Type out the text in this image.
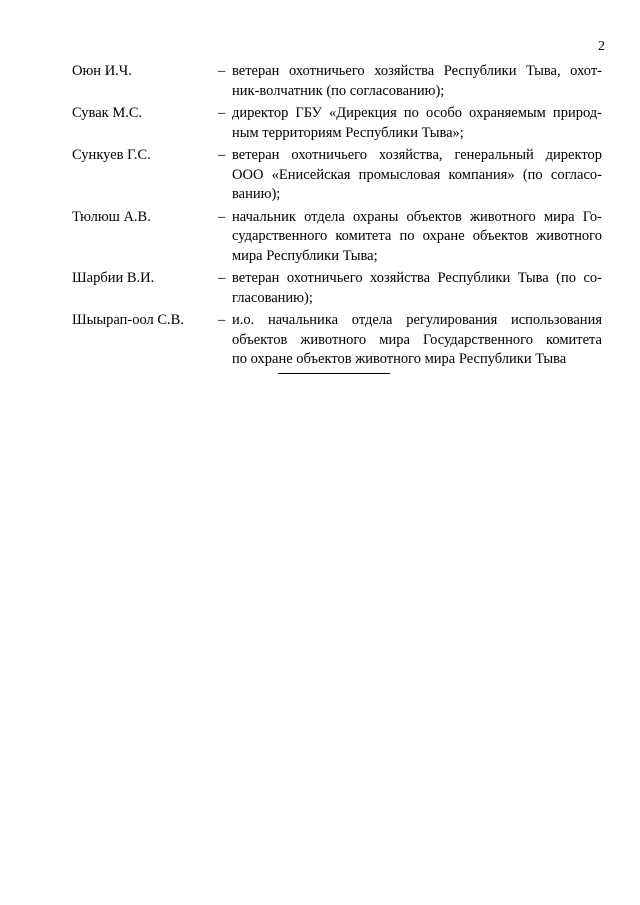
2
Оюн И.Ч.	– ветеран охотничьего хозяйства Республики Тыва, охот-
ник-волчатник (по согласованию);
Сувак М.С.	– директор ГБУ «Дирекция по особо охраняемым природ-
ным территориям Республики Тыва»;
Сункуев Г.С.	– ветеран охотничьего хозяйства, генеральный директор
ООО «Енисейская промысловая компания» (по согласо-
ванию);
Тюлюш А.В.	– начальник отдела охраны объектов животного мира Го-
сударственного комитета по охране объектов животного
мира Республики Тыва;
Шарбии В.И.	– ветеран охотничьего хозяйства Республики Тыва (по со-
гласованию);
Шыырап-оол С.В.	– и.о. начальника отдела регулирования использования
объектов животного мира Государственного комитета
по охране объектов животного мира Республики Тыва
